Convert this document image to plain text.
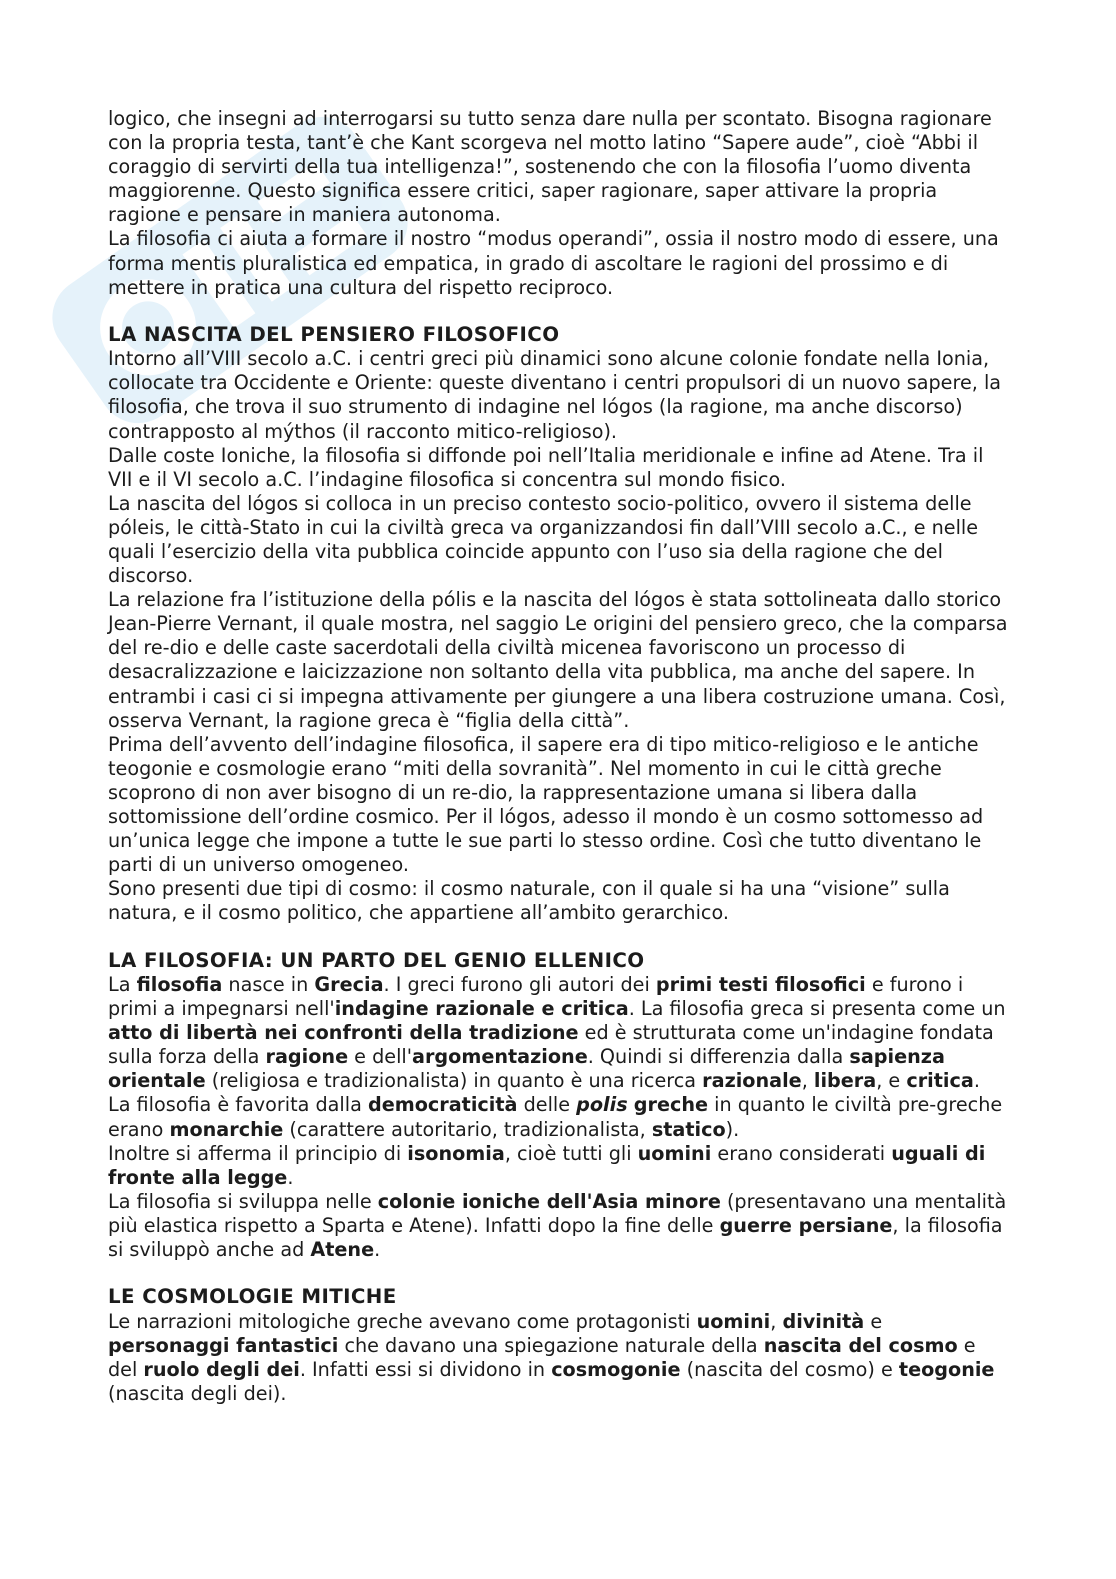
logico, che insegni ad interrogarsi su tutto senza dare nulla per scontato. Bisogna ragionare con la propria testa, tant’è che Kant scorgeva nel motto latino “Sapere aude”, cioè “Abbi il coraggio di servirti della tua intelligenza!”, sostenendo che con la filosofia l’uomo diventa maggiorenne. Questo significa essere critici, saper ragionare, saper attivare la propria ragione e pensare in maniera autonoma.

La filosofia ci aiuta a formare il nostro “modus operandi”, ossia il nostro modo di essere, una forma mentis pluralistica ed empatica, in grado di ascoltare le ragioni del prossimo e di mettere in pratica una cultura del rispetto reciproco.

LA NASCITA DEL PENSIERO FILOSOFICO

Intorno all’VIII secolo a.C. i centri greci più dinamici sono alcune colonie fondate nella Ionia, collocate tra Occidente e Oriente: queste diventano i centri propulsori di un nuovo sapere, la filosofia, che trova il suo strumento di indagine nel lógos (la ragione, ma anche discorso) contrapposto al mýthos (il racconto mitico-religioso).

Dalle coste Ioniche, la filosofia si diffonde poi nell’Italia meridionale e infine ad Atene. Tra il VII e il VI secolo a.C. l’indagine filosofica si concentra sul mondo fisico.

La nascita del lógos si colloca in un preciso contesto socio-politico, ovvero il sistema delle póleis, le città-Stato in cui la civiltà greca va organizzandosi fin dall’VIII secolo a.C., e nelle quali l’esercizio della vita pubblica coincide appunto con l’uso sia della ragione che del discorso.

La relazione fra l’istituzione della pólis e la nascita del lógos è stata sottolineata dallo storico Jean-Pierre Vernant, il quale mostra, nel saggio Le origini del pensiero greco, che la comparsa del re-dio e delle caste sacerdotali della civiltà micenea favoriscono un processo di desacralizzazione e laicizzazione non soltanto della vita pubblica, ma anche del sapere. In entrambi i casi ci si impegna attivamente per giungere a una libera costruzione umana. Così, osserva Vernant, la ragione greca è “figlia della città”.

Prima dell’avvento dell’indagine filosofica, il sapere era di tipo mitico-religioso e le antiche teogonie e cosmologie erano “miti della sovranità”. Nel momento in cui le città greche scoprono di non aver bisogno di un re-dio, la rappresentazione umana si libera dalla sottomissione dell’ordine cosmico. Per il lógos, adesso il mondo è un cosmo sottomesso ad un’unica legge che impone a tutte le sue parti lo stesso ordine. Così che tutto diventano le parti di un universo omogeneo.

Sono presenti due tipi di cosmo: il cosmo naturale, con il quale si ha una “visione” sulla natura, e il cosmo politico, che appartiene all’ambito gerarchico.

LA FILOSOFIA: UN PARTO DEL GENIO ELLENICO

La filosofia nasce in Grecia. I greci furono gli autori dei primi testi filosofici e furono i primi a impegnarsi nell'indagine razionale e critica. La filosofia greca si presenta come un atto di libertà nei confronti della tradizione ed è strutturata come un'indagine fondata sulla forza della ragione e dell'argomentazione. Quindi si differenzia dalla sapienza orientale (religiosa e tradizionalista) in quanto è una ricerca razionale, libera, e critica.

La filosofia è favorita dalla democraticità delle polis greche in quanto le civiltà pre-greche erano monarchie (carattere autoritario, tradizionalista, statico).

Inoltre si afferma il principio di isonomia, cioè tutti gli uomini erano considerati uguali di fronte alla legge.

La filosofia si sviluppa nelle colonie ioniche dell'Asia minore (presentavano una mentalità più elastica rispetto a Sparta e Atene). Infatti dopo la fine delle guerre persiane, la filosofia si sviluppò anche ad Atene.

LE COSMOLOGIE MITICHE

Le narrazioni mitologiche greche avevano come protagonisti uomini, divinità e personaggi fantastici che davano una spiegazione naturale della nascita del cosmo e del ruolo degli dei. Infatti essi si dividono in cosmogonie (nascita del cosmo) e teogonie (nascita degli dei).
